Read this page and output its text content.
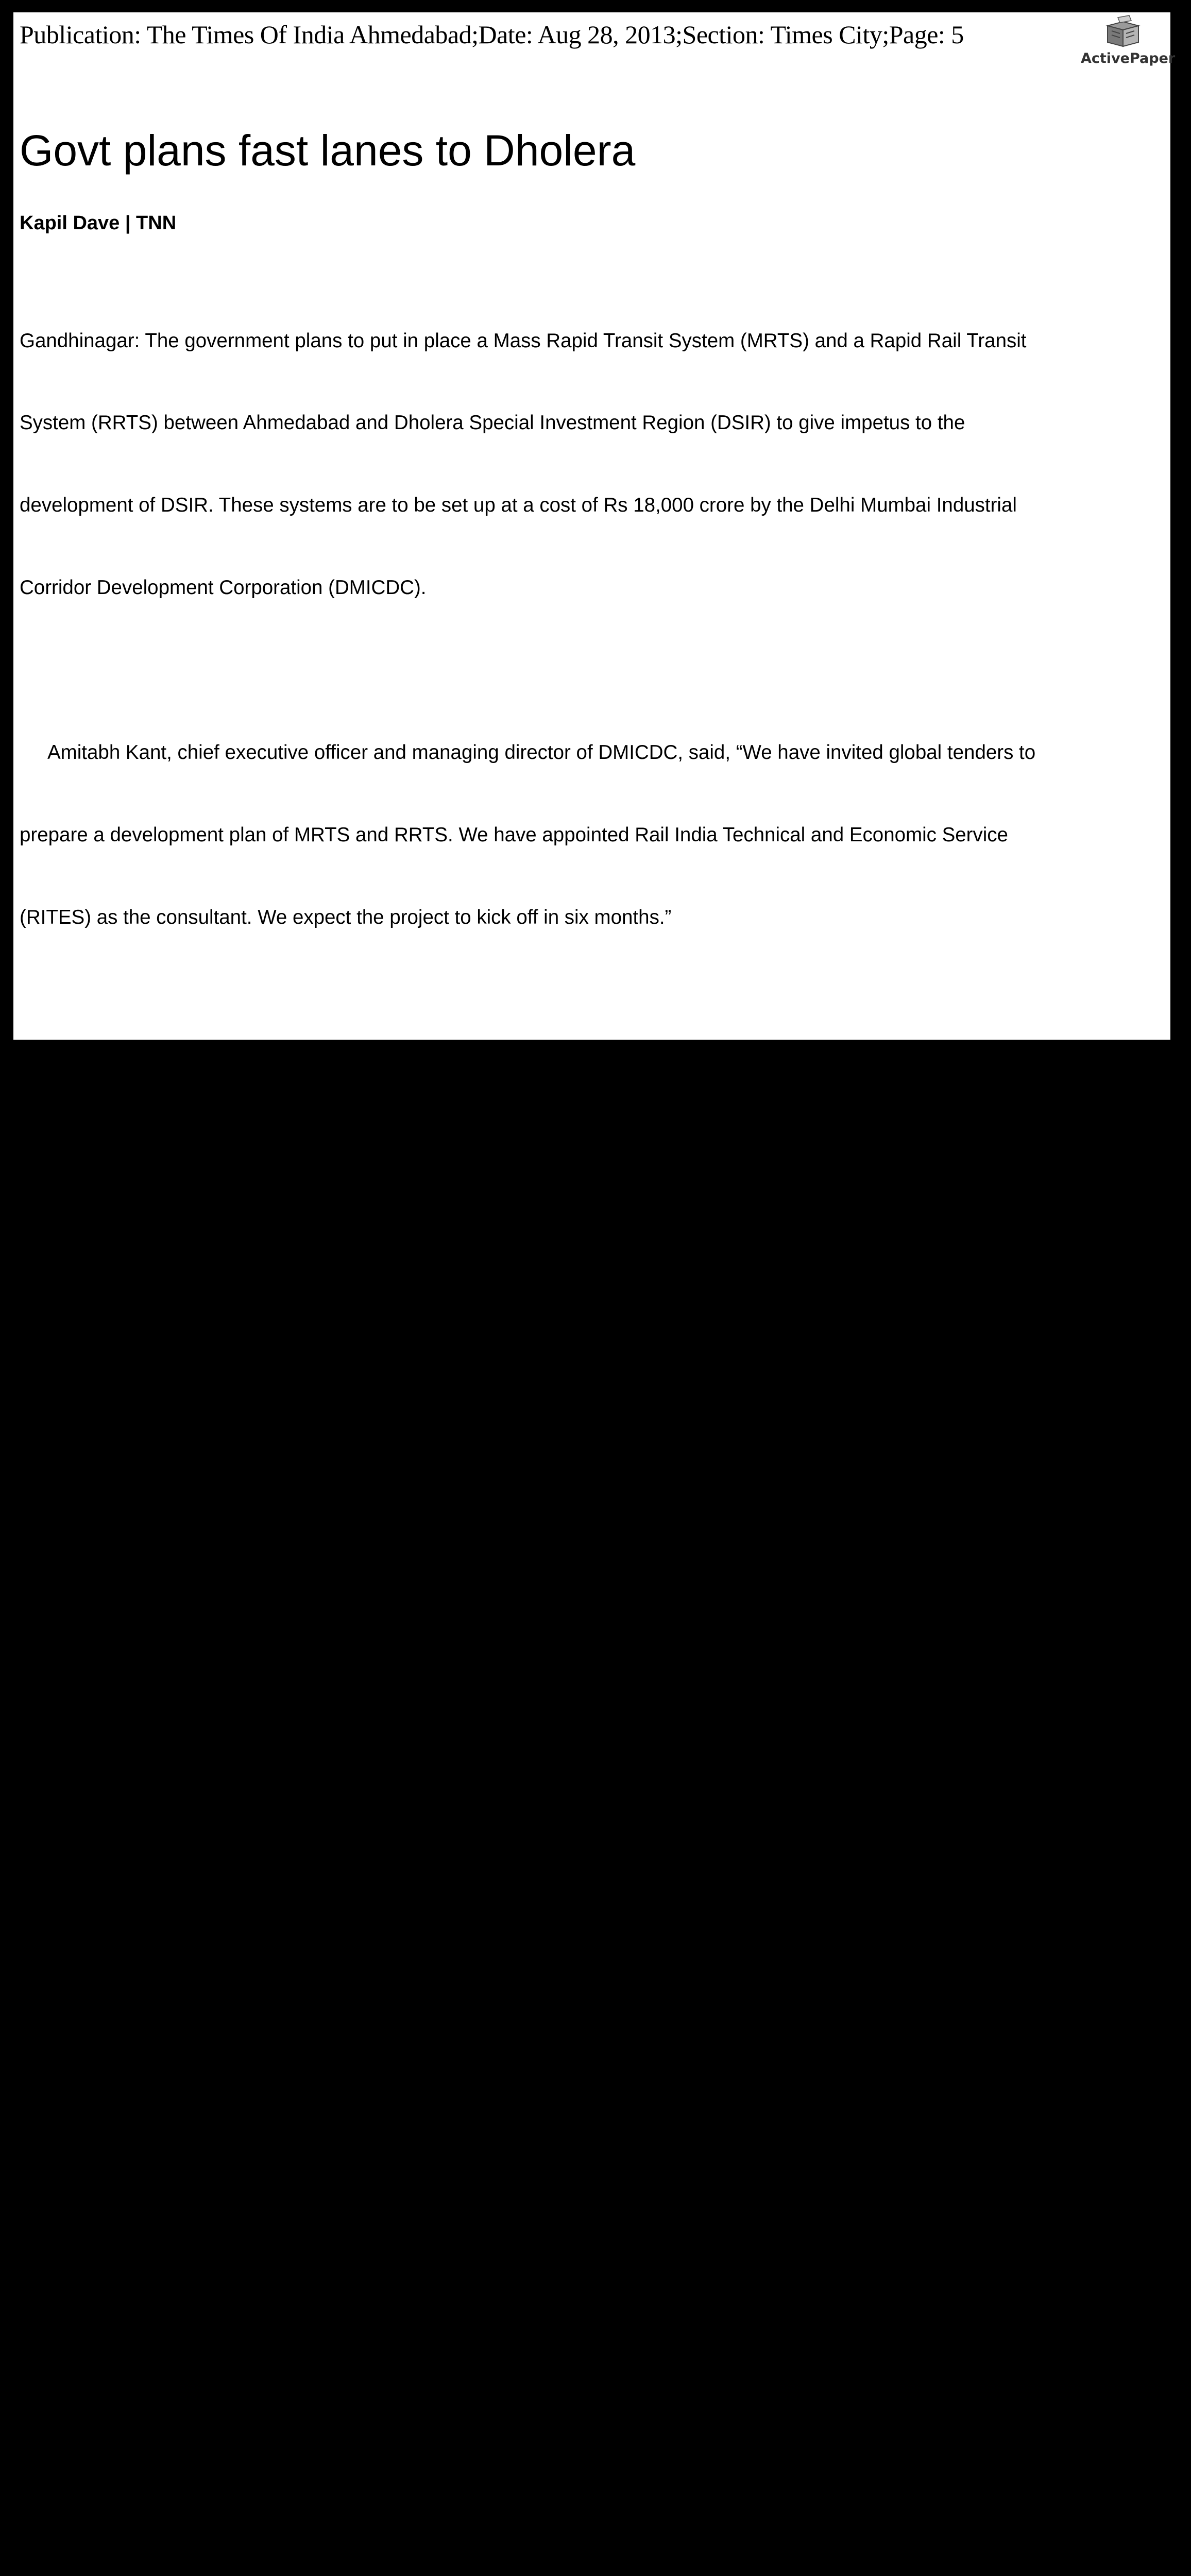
Publication: The Times Of India Ahmedabad;Date: Aug 28, 2013;Section: Times City;Page: 5
ActivePaper
Govt plans fast lanes to Dholera
Kapil Dave | TNN

Gandhinagar: The government plans to put in place a Mass Rapid Transit System (MRTS) and a Rapid Rail Transit

System (RRTS) between Ahmedabad and Dholera Special Investment Region (DSIR) to give impetus to the

development of DSIR. These systems are to be set up at a cost of Rs 18,000 crore by the Delhi Mumbai Industrial

Corridor Development Corporation (DMICDC).

Amitabh Kant, chief executive officer and managing director of DMICDC, said, “We have invited global tenders to

prepare a development plan of MRTS and RRTS. We have appointed Rail India Technical and Economic Service

(RITES) as the consultant. We expect the project to kick off in six months.”

He said that a public transport model will be used to connect Dholera with Ahmedabad within the proposed DSIR.

“The travel time between Ahmedabad and Dholera will come down to just 50 minutes. The project will be funded by

Government of India,” added Kant.

He said that a key reason for delay in the development of Dholera is lack of quality internal transport and

connectivity.

RITES will undertake various surveys and decide on route alignment besides checking designs of existing bridges

and structures along the corridor. The DMICDC has started preparing an interim report on various technical aspects o

MRTS and RRTS system that is proposed to be developed along an expressway road corridor from Ahmedabad to

DSIR.

RITES will establish broad technical feasibility of MRTS and RRTS route to connect Ahmedabad with Dholera

based on atgrade and elevated options. It will determine the sections requiring land acquisition, shifting of alignment,

crossovers and recommend most appropriate alignment, including rerouting required, if found, necessary. It will also

identify relocation of over-ground and underground utilities and works required for diversion and list of obstructions to

be dismantled.

Sources said that land for MRTS and RRTS is being acquired along with that for a six-lane expressway.
